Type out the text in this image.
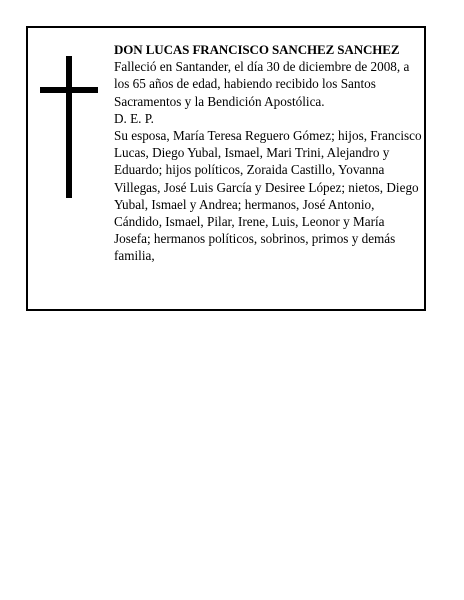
DON LUCAS FRANCISCO SANCHEZ SANCHEZ

Falleció en Santander, el día 30 de diciembre de 2008, a los 65 años de edad, habiendo recibido los Santos Sacramentos y la Bendición Apostólica.

D. E. P.

Su esposa, María Teresa Reguero Gómez; hijos, Francisco Lucas, Diego Yubal, Ismael, Mari Trini, Alejandro y Eduardo; hijos políticos, Zoraida Castillo, Yovanna Villegas, José Luis García y Desiree López; nietos, Diego Yubal, Ismael y Andrea; hermanos, José Antonio, Cándido, Ismael, Pilar, Irene, Luis, Leonor y María Josefa; hermanos políticos, sobrinos, primos y demás familia,
